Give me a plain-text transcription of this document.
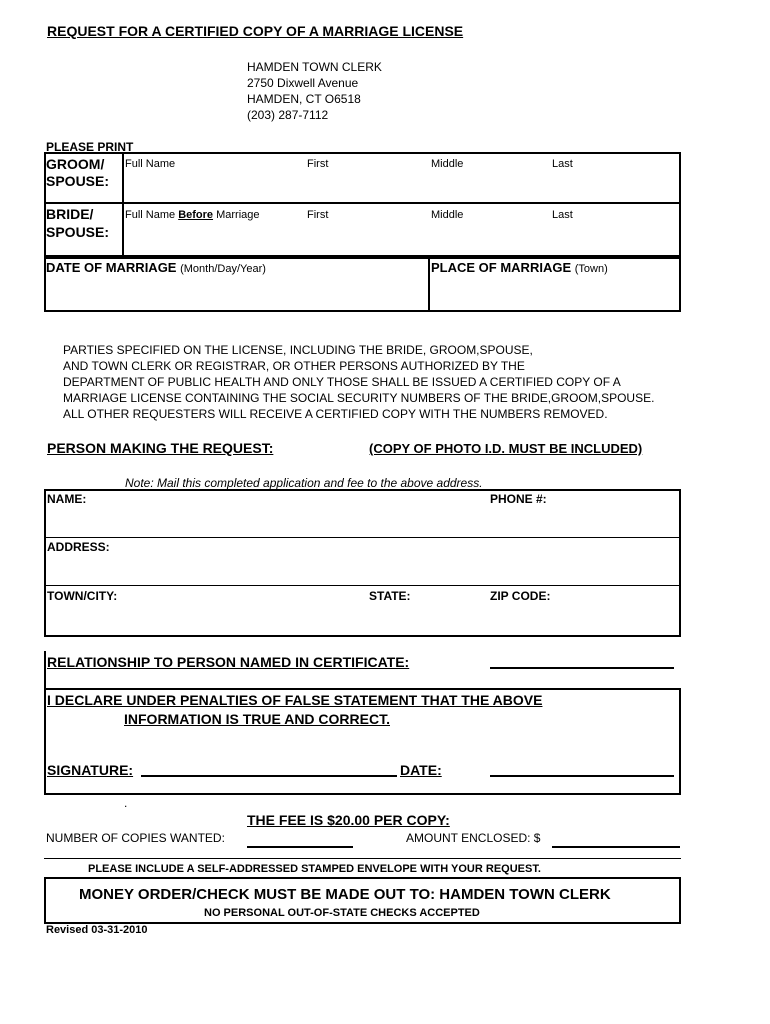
REQUEST FOR A CERTIFIED COPY OF A MARRIAGE LICENSE
HAMDEN TOWN CLERK
2750 Dixwell Avenue
HAMDEN, CT O6518
(203) 287-7112
PLEASE PRINT
GROOM/
SPOUSE:
Full Name	First	Middle	Last
BRIDE/
SPOUSE:
Full Name Before Marriage	First	Middle	Last
DATE OF MARRIAGE (Month/Day/Year)	PLACE OF MARRIAGE (Town)
PARTIES SPECIFIED ON THE LICENSE, INCLUDING THE BRIDE, GROOM,SPOUSE,
AND TOWN CLERK OR REGISTRAR, OR OTHER PERSONS AUTHORIZED BY THE
DEPARTMENT OF PUBLIC HEALTH AND ONLY THOSE SHALL BE ISSUED A CERTIFIED COPY OF A
MARRIAGE LICENSE CONTAINING THE SOCIAL SECURITY NUMBERS OF THE BRIDE,GROOM,SPOUSE.
ALL OTHER REQUESTERS WILL RECEIVE A CERTIFIED COPY WITH THE NUMBERS REMOVED.
PERSON MAKING THE REQUEST:	(COPY OF PHOTO I.D. MUST BE INCLUDED)
Note: Mail this completed application and fee to the above address.
NAME:	PHONE #:
ADDRESS:
TOWN/CITY:	STATE:	ZIP CODE:
RELATIONSHIP TO PERSON NAMED IN CERTIFICATE:
I DECLARE UNDER PENALTIES OF FALSE STATEMENT THAT THE ABOVE
INFORMATION IS TRUE AND CORRECT.
SIGNATURE:	DATE:
.
THE FEE IS $20.00 PER COPY:
NUMBER OF COPIES WANTED:	AMOUNT ENCLOSED: $
PLEASE INCLUDE A SELF-ADDRESSED STAMPED ENVELOPE WITH YOUR REQUEST.
MONEY ORDER/CHECK MUST BE MADE OUT TO: HAMDEN TOWN CLERK
NO PERSONAL OUT-OF-STATE CHECKS ACCEPTED
Revised 03-31-2010
